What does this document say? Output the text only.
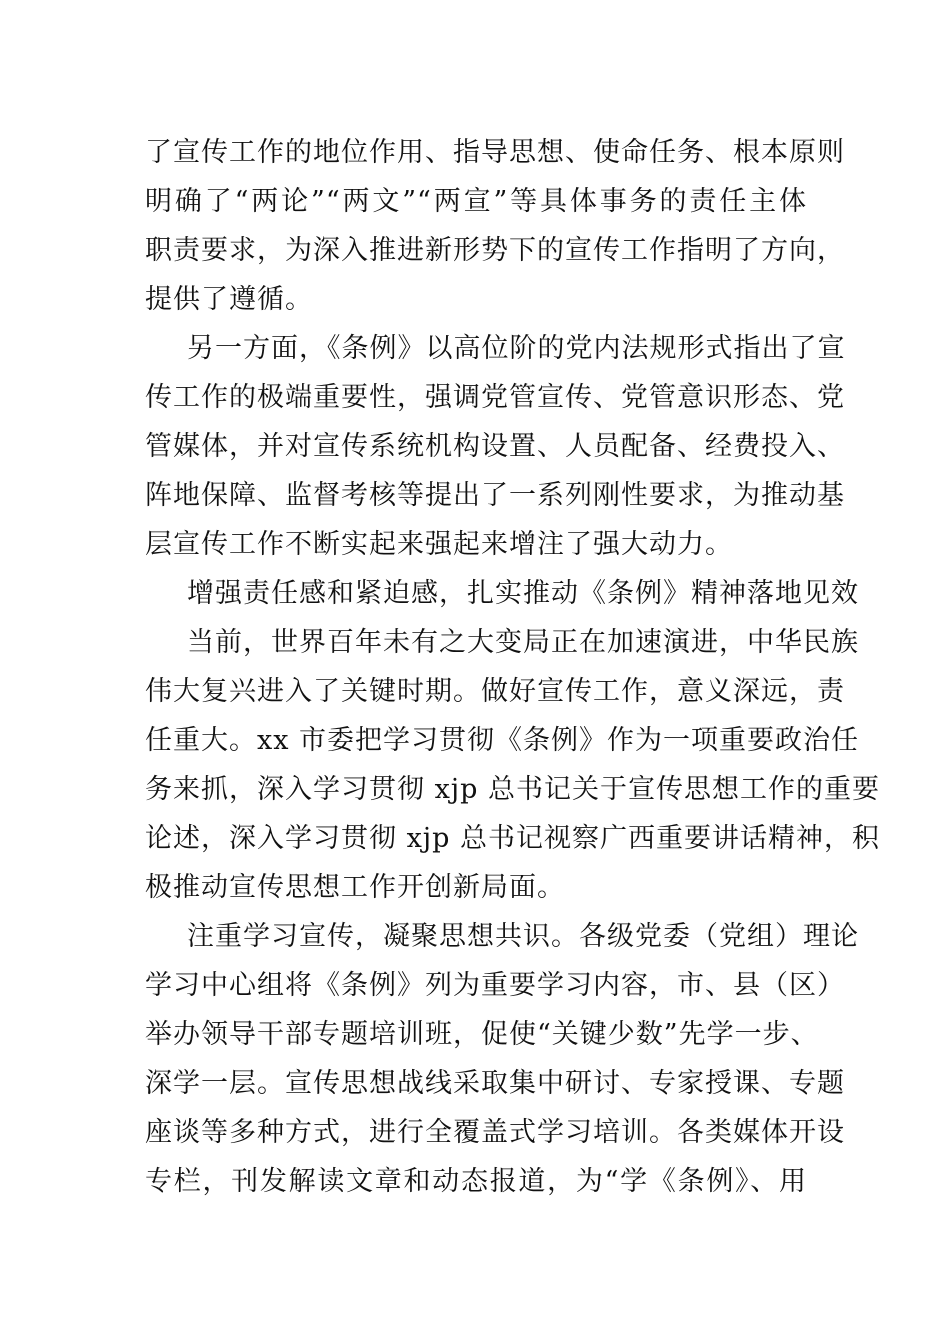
了宣传工作的地位作用、指导思想、使命任务、根本原则
明确了“两论”“两文”“两宣”等具体事务的责任主体
职责要求，为深入推进新形势下的宣传工作指明了方向，
提供了遵循。
另一方面，《条例》以高位阶的党内法规形式指出了宣
传工作的极端重要性，强调党管宣传、党管意识形态、党
管媒体，并对宣传系统机构设置、人员配备、经费投入、
阵地保障、监督考核等提出了一系列刚性要求，为推动基
层宣传工作不断实起来强起来增注了强大动力。
增强责任感和紧迫感，扎实推动《条例》精神落地见效
当前，世界百年未有之大变局正在加速演进，中华民族
伟大复兴进入了关键时期。做好宣传工作，意义深远，责
任重大。xx 市委把学习贯彻《条例》作为一项重要政治任
务来抓，深入学习贯彻 xjp 总书记关于宣传思想工作的重要
论述，深入学习贯彻 xjp 总书记视察广西重要讲话精神，积
极推动宣传思想工作开创新局面。
注重学习宣传，凝聚思想共识。各级党委（党组）理论
学习中心组将《条例》列为重要学习内容，市、县（区）
举办领导干部专题培训班，促使“关键少数”先学一步、
深学一层。宣传思想战线采取集中研讨、专家授课、专题
座谈等多种方式，进行全覆盖式学习培训。各类媒体开设
专栏，刊发解读文章和动态报道，为“学《条例》、用
